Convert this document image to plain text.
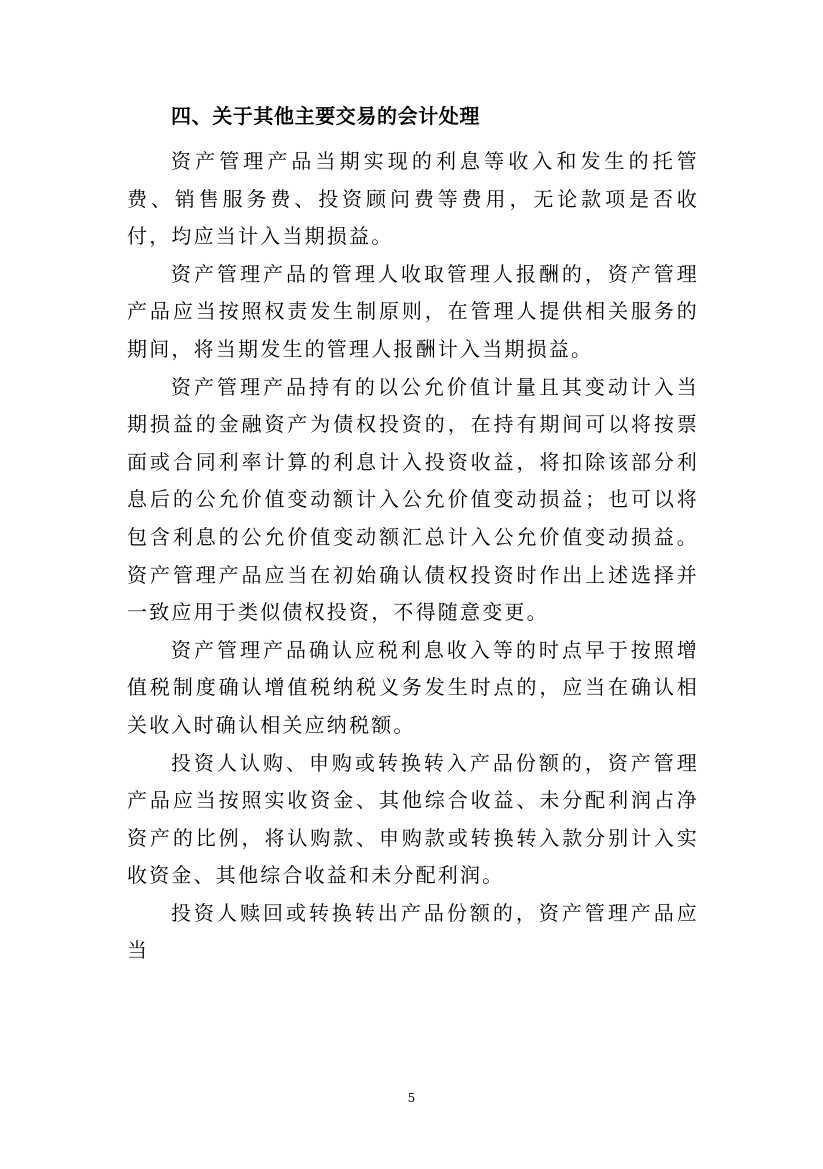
四、关于其他主要交易的会计处理

资产管理产品当期实现的利息等收入和发生的托管费、销售服务费、投资顾问费等费用，无论款项是否收付，均应当计入当期损益。

资产管理产品的管理人收取管理人报酬的，资产管理产品应当按照权责发生制原则，在管理人提供相关服务的期间，将当期发生的管理人报酬计入当期损益。

资产管理产品持有的以公允价值计量且其变动计入当期损益的金融资产为债权投资的，在持有期间可以将按票面或合同利率计算的利息计入投资收益，将扣除该部分利息后的公允价值变动额计入公允价值变动损益；也可以将包含利息的公允价值变动额汇总计入公允价值变动损益。资产管理产品应当在初始确认债权投资时作出上述选择并一致应用于类似债权投资，不得随意变更。

资产管理产品确认应税利息收入等的时点早于按照增值税制度确认增值税纳税义务发生时点的，应当在确认相关收入时确认相关应纳税额。

投资人认购、申购或转换转入产品份额的，资产管理产品应当按照实收资金、其他综合收益、未分配利润占净资产的比例，将认购款、申购款或转换转入款分别计入实收资金、其他综合收益和未分配利润。

投资人赎回或转换转出产品份额的，资产管理产品应当

5
